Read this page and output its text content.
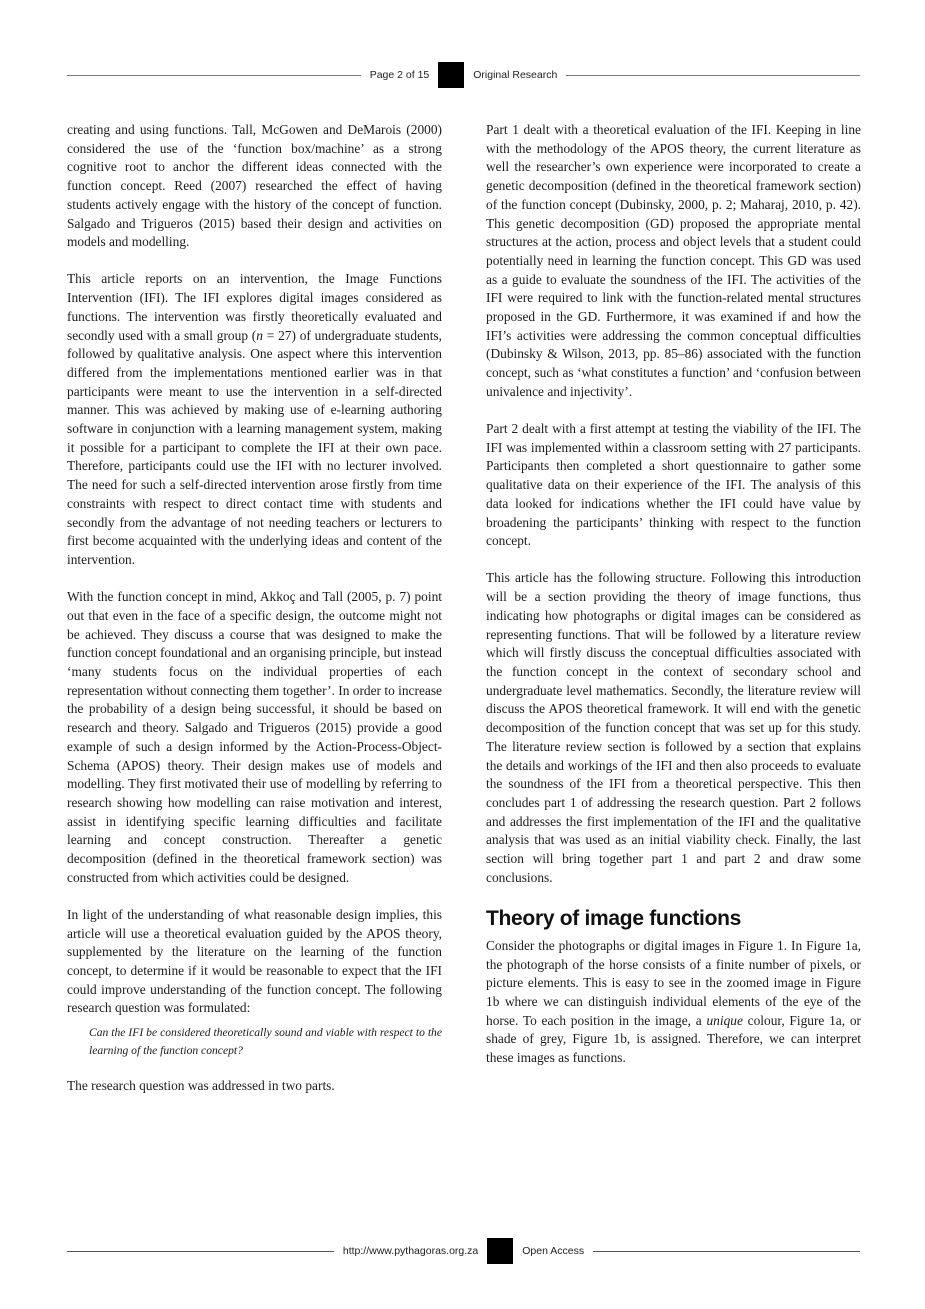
Page 2 of 15	Original Research

creating and using functions. Tall, McGowen and DeMarois (2000) considered the use of the ‘function box/machine’ as a strong cognitive root to anchor the different ideas connected with the function concept. Reed (2007) researched the effect of having students actively engage with the history of the concept of function. Salgado and Trigueros (2015) based their design and activities on models and modelling.

This article reports on an intervention, the Image Functions Intervention (IFI). The IFI explores digital images considered as functions. The intervention was firstly theoretically evaluated and secondly used with a small group (n = 27) of undergraduate students, followed by qualitative analysis. One aspect where this intervention differed from the implementations mentioned earlier was in that participants were meant to use the intervention in a self-directed manner. This was achieved by making use of e-learning authoring software in conjunction with a learning management system, making it possible for a participant to complete the IFI at their own pace. Therefore, participants could use the IFI with no lecturer involved. The need for such a self-directed intervention arose firstly from time constraints with respect to direct contact time with students and secondly from the advantage of not needing teachers or lecturers to first become acquainted with the underlying ideas and content of the intervention.

With the function concept in mind, Akkoç and Tall (2005, p. 7) point out that even in the face of a specific design, the outcome might not be achieved. They discuss a course that was designed to make the function concept foundational and an organising principle, but instead ‘many students focus on the individual properties of each representation without connecting them together’. In order to increase the probability of a design being successful, it should be based on research and theory. Salgado and Trigueros (2015) provide a good example of such a design informed by the Action-Process-Object-Schema (APOS) theory. Their design makes use of models and modelling. They first motivated their use of modelling by referring to research showing how modelling can raise motivation and interest, assist in identifying specific learning difficulties and facilitate learning and concept construction. Thereafter a genetic decomposition (defined in the theoretical framework section) was constructed from which activities could be designed.

In light of the understanding of what reasonable design implies, this article will use a theoretical evaluation guided by the APOS theory, supplemented by the literature on the learning of the function concept, to determine if it would be reasonable to expect that the IFI could improve understanding of the function concept. The following research question was formulated:

Can the IFI be considered theoretically sound and viable with respect to the learning of the function concept?

The research question was addressed in two parts.

Part 1 dealt with a theoretical evaluation of the IFI. Keeping in line with the methodology of the APOS theory, the current literature as well the researcher’s own experience were incorporated to create a genetic decomposition (defined in the theoretical framework section) of the function concept (Dubinsky, 2000, p. 2; Maharaj, 2010, p. 42). This genetic decomposition (GD) proposed the appropriate mental structures at the action, process and object levels that a student could potentially need in learning the function concept. This GD was used as a guide to evaluate the soundness of the IFI. The activities of the IFI were required to link with the function-related mental structures proposed in the GD. Furthermore, it was examined if and how the IFI’s activities were addressing the common conceptual difficulties (Dubinsky & Wilson, 2013, pp. 85–86) associated with the function concept, such as ‘what constitutes a function’ and ‘confusion between univalence and injectivity’.

Part 2 dealt with a first attempt at testing the viability of the IFI. The IFI was implemented within a classroom setting with 27 participants. Participants then completed a short questionnaire to gather some qualitative data on their experience of the IFI. The analysis of this data looked for indications whether the IFI could have value by broadening the participants’ thinking with respect to the function concept.

This article has the following structure. Following this introduction will be a section providing the theory of image functions, thus indicating how photographs or digital images can be considered as representing functions. That will be followed by a literature review which will firstly discuss the conceptual difficulties associated with the function concept in the context of secondary school and undergraduate level mathematics. Secondly, the literature review will discuss the APOS theoretical framework. It will end with the genetic decomposition of the function concept that was set up for this study. The literature review section is followed by a section that explains the details and workings of the IFI and then also proceeds to evaluate the soundness of the IFI from a theoretical perspective. This then concludes part 1 of addressing the research question. Part 2 follows and addresses the first implementation of the IFI and the qualitative analysis that was used as an initial viability check. Finally, the last section will bring together part 1 and part 2 and draw some conclusions.

Theory of image functions

Consider the photographs or digital images in Figure 1. In Figure 1a, the photograph of the horse consists of a finite number of pixels, or picture elements. This is easy to see in the zoomed image in Figure 1b where we can distinguish individual elements of the eye of the horse. To each position in the image, a unique colour, Figure 1a, or shade of grey, Figure 1b, is assigned. Therefore, we can interpret these images as functions.

http://www.pythagoras.org.za	Open Access
